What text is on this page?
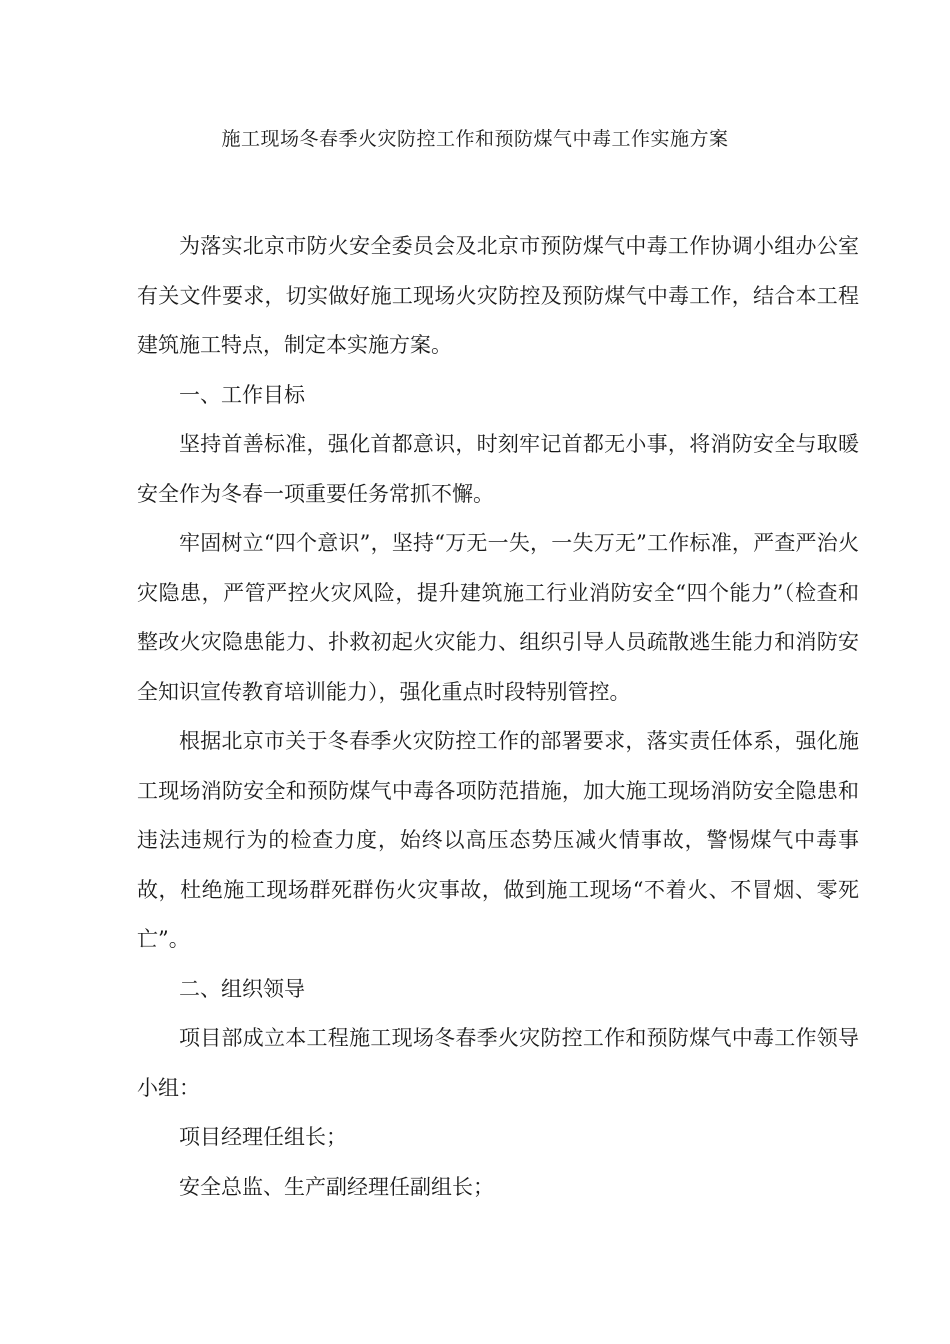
施工现场冬春季火灾防控工作和预防煤气中毒工作实施方案

为落实北京市防火安全委员会及北京市预防煤气中毒工作协调小组办公室有关文件要求，切实做好施工现场火灾防控及预防煤气中毒工作，结合本工程建筑施工特点，制定本实施方案。

一、工作目标

坚持首善标准，强化首都意识，时刻牢记首都无小事，将消防安全与取暖安全作为冬春一项重要任务常抓不懈。

牢固树立“四个意识”，坚持“万无一失，一失万无”工作标准，严查严治火灾隐患，严管严控火灾风险，提升建筑施工行业消防安全“四个能力”（检查和整改火灾隐患能力、扑救初起火灾能力、组织引导人员疏散逃生能力和消防安全知识宣传教育培训能力），强化重点时段特别管控。

根据北京市关于冬春季火灾防控工作的部署要求，落实责任体系，强化施工现场消防安全和预防煤气中毒各项防范措施，加大施工现场消防安全隐患和违法违规行为的检查力度，始终以高压态势压减火情事故，警惕煤气中毒事故，杜绝施工现场群死群伤火灾事故，做到施工现场“不着火、不冒烟、零死亡”。

二、组织领导

项目部成立本工程施工现场冬春季火灾防控工作和预防煤气中毒工作领导小组：

项目经理任组长；

安全总监、生产副经理任副组长；
